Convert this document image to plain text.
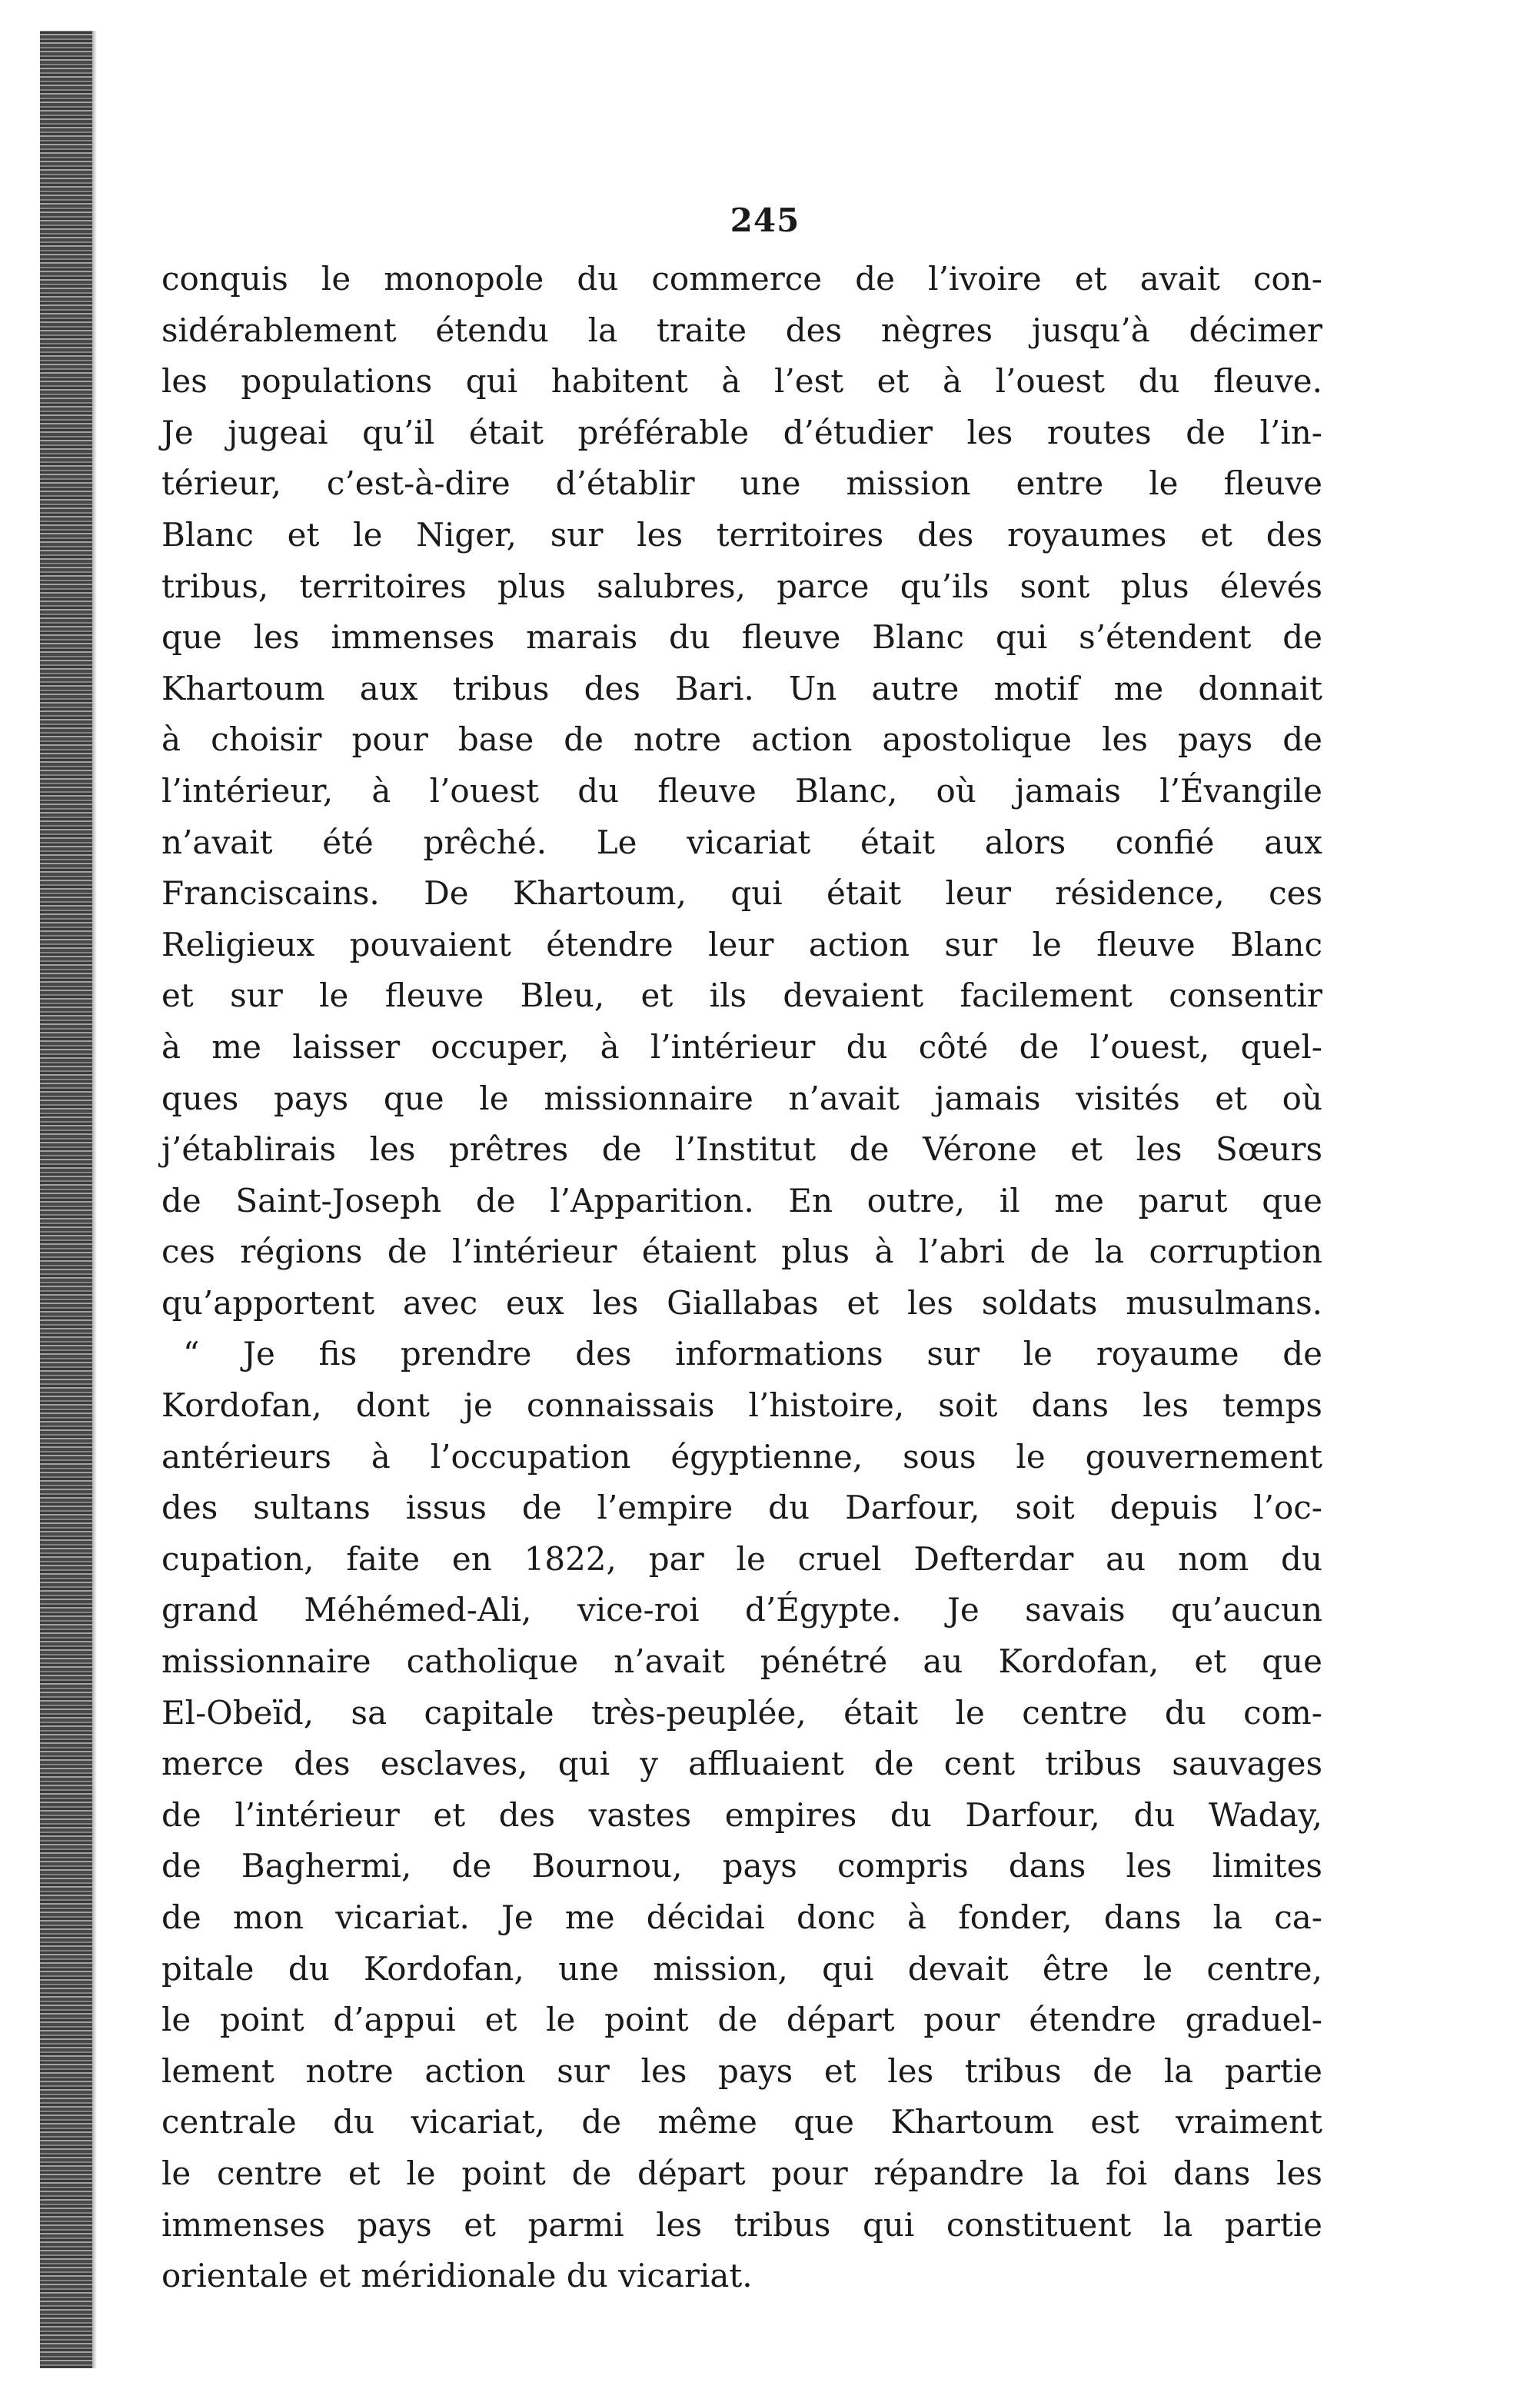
245
conquis le monopole du commerce de l’ivoire et avait con-
sidérablement étendu la traite des nègres jusqu’à décimer
les populations qui habitent à l’est et à l’ouest du fleuve.
Je jugeai qu’il était préférable d’étudier les routes de l’in-
térieur, c’est-à-dire d’établir une mission entre le fleuve
Blanc et le Niger, sur les territoires des royaumes et des
tribus, territoires plus salubres, parce qu’ils sont plus élevés
que les immenses marais du fleuve Blanc qui s’étendent de
Khartoum aux tribus des Bari. Un autre motif me donnait
à choisir pour base de notre action apostolique les pays de
l’intérieur, à l’ouest du fleuve Blanc, où jamais l’Évangile
n’avait été prêché. Le vicariat était alors confié aux
Franciscains. De Khartoum, qui était leur résidence, ces
Religieux pouvaient étendre leur action sur le fleuve Blanc
et sur le fleuve Bleu, et ils devaient facilement consentir
à me laisser occuper, à l’intérieur du côté de l’ouest, quel-
ques pays que le missionnaire n’avait jamais visités et où
j’établirais les prêtres de l’Institut de Vérone et les Sœurs
de Saint-Joseph de l’Apparition. En outre, il me parut que
ces régions de l’intérieur étaient plus à l’abri de la corruption
qu’apportent avec eux les Giallabas et les soldats musulmans.
“ Je fis prendre des informations sur le royaume de
Kordofan, dont je connaissais l’histoire, soit dans les temps
antérieurs à l’occupation égyptienne, sous le gouvernement
des sultans issus de l’empire du Darfour, soit depuis l’oc-
cupation, faite en 1822, par le cruel Defterdar au nom du
grand Méhémed-Ali, vice-roi d’Égypte. Je savais qu’aucun
missionnaire catholique n’avait pénétré au Kordofan, et que
El-Obeïd, sa capitale très-peuplée, était le centre du com-
merce des esclaves, qui y affluaient de cent tribus sauvages
de l’intérieur et des vastes empires du Darfour, du Waday,
de Baghermi, de Bournou, pays compris dans les limites
de mon vicariat. Je me décidai donc à fonder, dans la ca-
pitale du Kordofan, une mission, qui devait être le centre,
le point d’appui et le point de départ pour étendre graduel-
lement notre action sur les pays et les tribus de la partie
centrale du vicariat, de même que Khartoum est vraiment
le centre et le point de départ pour répandre la foi dans les
immenses pays et parmi les tribus qui constituent la partie
orientale et méridionale du vicariat.
